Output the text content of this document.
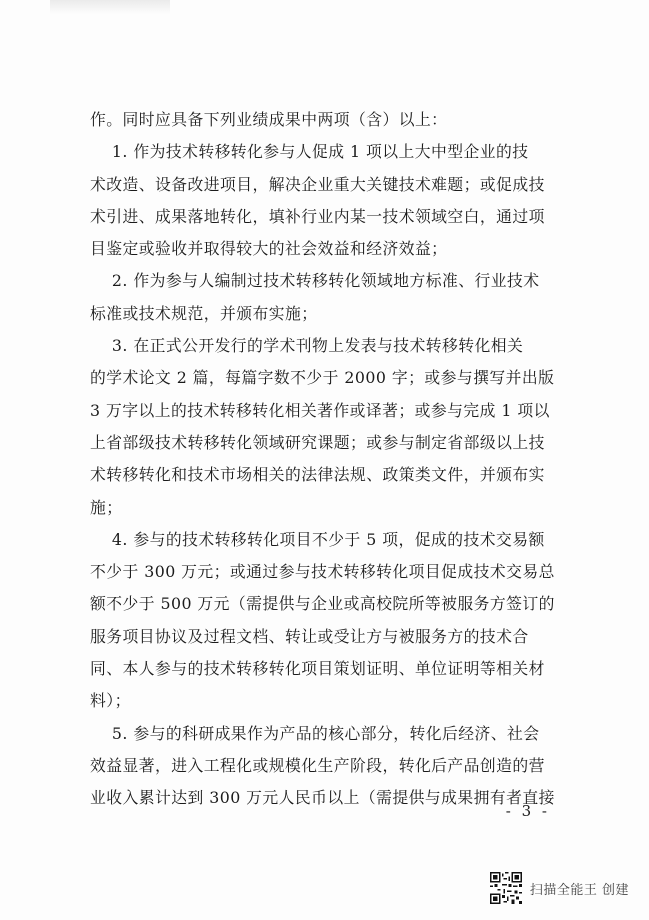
作。同时应具备下列业绩成果中两项（含）以上：

1. 作为技术转移转化参与人促成 1 项以上大中型企业的技

术改造、设备改进项目，解决企业重大关键技术难题；或促成技

术引进、成果落地转化，填补行业内某一技术领域空白，通过项

目鉴定或验收并取得较大的社会效益和经济效益；

2. 作为参与人编制过技术转移转化领域地方标准、行业技术

标准或技术规范，并颁布实施；

3. 在正式公开发行的学术刊物上发表与技术转移转化相关

的学术论文 2 篇，每篇字数不少于 2000 字；或参与撰写并出版

3 万字以上的技术转移转化相关著作或译著；或参与完成 1 项以

上省部级技术转移转化领域研究课题；或参与制定省部级以上技

术转移转化和技术市场相关的法律法规、政策类文件，并颁布实

施；

4. 参与的技术转移转化项目不少于 5 项，促成的技术交易额

不少于 300 万元；或通过参与技术转移转化项目促成技术交易总

额不少于 500 万元（需提供与企业或高校院所等被服务方签订的

服务项目协议及过程文档、转让或受让方与被服务方的技术合

同、本人参与的技术转移转化项目策划证明、单位证明等相关材

料）；

5. 参与的科研成果作为产品的核心部分，转化后经济、社会

效益显著，进入工程化或规模化生产阶段，转化后产品创造的营

业收入累计达到 300 万元人民币以上（需提供与成果拥有者直接

- 3 -
扫描全能王 创建
